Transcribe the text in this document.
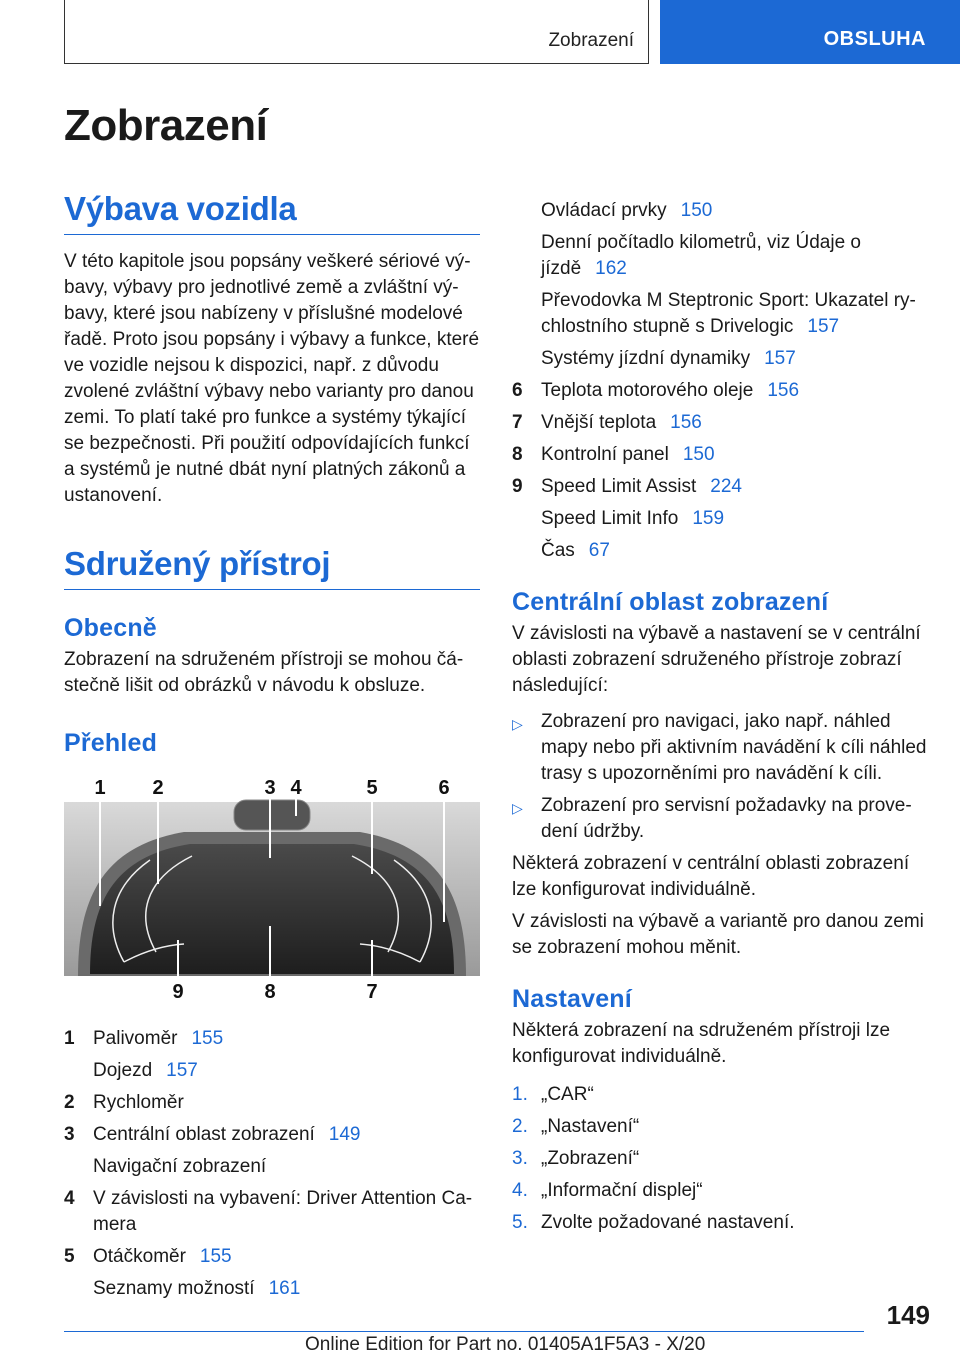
Zobrazení	OBSLUHA
Zobrazení
Výbava vozidla

V této kapitole jsou popsány veškeré sériové výbavy, výbavy pro jednotlivé země a zvláštní výbavy, které jsou nabízeny v příslušné modelové řadě. Proto jsou popsány i výbavy a funkce, které ve vozidle nejsou k dispozici, např. z důvodu zvolené zvláštní výbavy nebo varianty pro danou zemi. To platí také pro funkce a systémy týkající se bezpečnosti. Při použití odpovídajících funkcí a systémů je nutné dbát nyní platných zákonů a ustanovení.

Sdružený přístroj
Obecně

Zobrazení na sdruženém přístroji se mohou částečně lišit od obrázků v návodu k obsluze.

Přehled
1 2	3 4	5	6
9	8	7
1 Palivoměr 155
Dojezd 157
2 Rychloměr
3 Centrální oblast zobrazení 149
Navigační zobrazení
4 V závislosti na vybavení: Driver Attention Camera
5 Otáčkoměr 155
Seznamy možností 161
Ovládací prvky 150
Denní počítadlo kilometrů, viz Údaje o jízdě 162
Převodovka M Steptronic Sport: Ukazatel rychlostního stupně s Drivelogic 157
Systémy jízdní dynamiky 157
6 Teplota motorového oleje 156
7 Vnější teplota 156
8 Kontrolní panel 150
9 Speed Limit Assist 224
Speed Limit Info 159
Čas 67
Centrální oblast zobrazení

V závislosti na výbavě a nastavení se v centrální oblasti zobrazení sdruženého přístroje zobrazí následující:

▷ Zobrazení pro navigaci, jako např. náhled mapy nebo při aktivním navádění k cíli náhled trasy s upozorněními pro navádění k cíli.
▷ Zobrazení pro servisní požadavky na provedení údržby.

Některá zobrazení v centrální oblasti zobrazení lze konfigurovat individuálně.

V závislosti na výbavě a variantě pro danou zemi se zobrazení mohou měnit.

Nastavení

Některá zobrazení na sdruženém přístroji lze konfigurovat individuálně.

1. „CAR“
2. „Nastavení“
3. „Zobrazení“
4. „Informační displej“
5. Zvolte požadované nastavení.
149
Online Edition for Part no. 01405A1F5A3 - X/20
